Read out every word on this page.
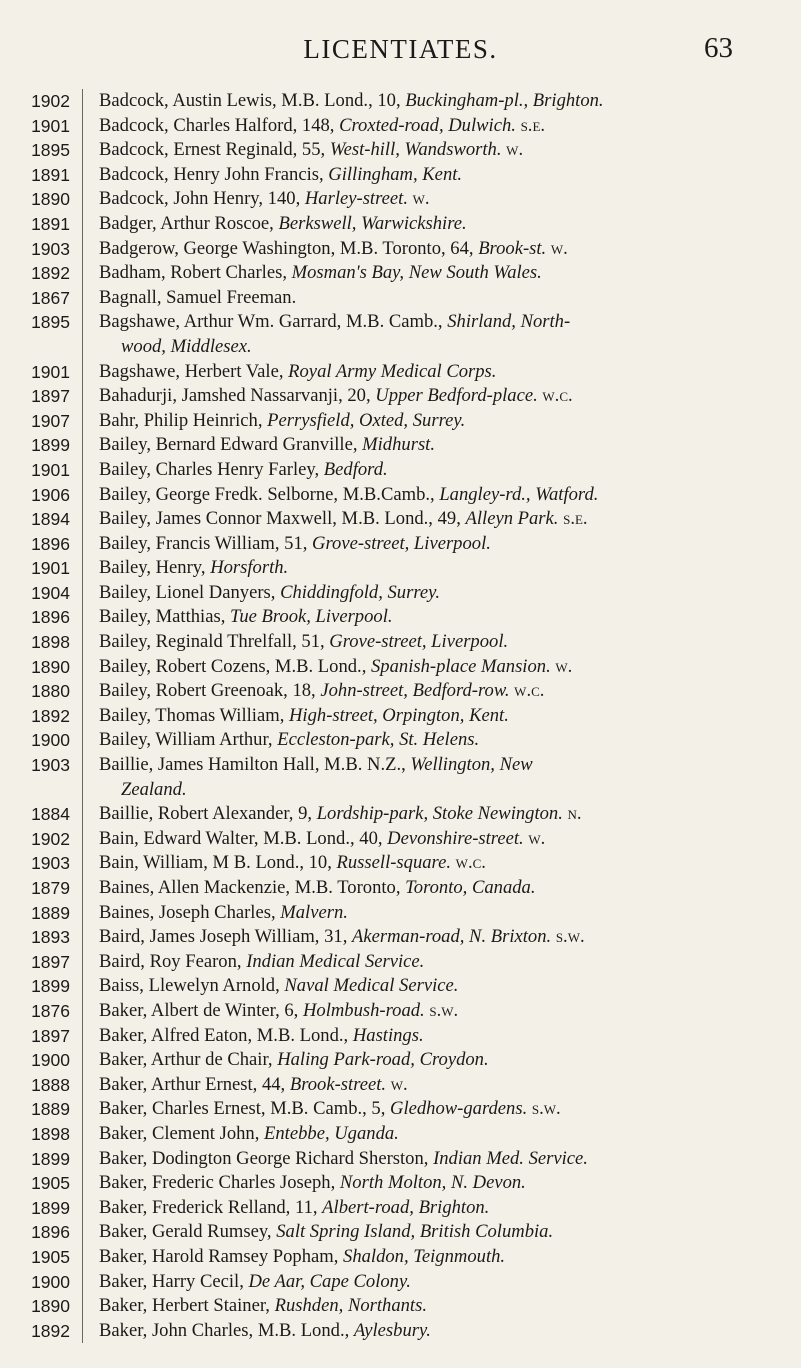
LICENTIATES.	63
1902 Badcock, Austin Lewis, M.B. Lond., 10, Buckingham-pl., Brighton.
1901 Badcock, Charles Halford, 148, Croxted-road, Dulwich. s.e.
1895 Badcock, Ernest Reginald, 55, West-hill, Wandsworth. w.
1891 Badcock, Henry John Francis, Gillingham, Kent.
1890 Badcock, John Henry, 140, Harley-street. w.
1891 Badger, Arthur Roscoe, Berkswell, Warwickshire.
1903 Badgerow, George Washington, M.B. Toronto, 64, Brook-st. w.
1892 Badham, Robert Charles, Mosman's Bay, New South Wales.
1867 Bagnall, Samuel Freeman.
1895 Bagshawe, Arthur Wm. Garrard, M.B. Camb., Shirland, North-
wood, Middlesex.
1901 Bagshawe, Herbert Vale, Royal Army Medical Corps.
1897 Bahadurji, Jamshed Nassarvanji, 20, Upper Bedford-place. w.c.
1907 Bahr, Philip Heinrich, Perrysfield, Oxted, Surrey.
1899 Bailey, Bernard Edward Granville, Midhurst.
1901 Bailey, Charles Henry Farley, Bedford.
1906 Bailey, George Fredk. Selborne, M.B.Camb., Langley-rd., Watford.
1894 Bailey, James Connor Maxwell, M.B. Lond., 49, Alleyn Park. s.e.
1896 Bailey, Francis William, 51, Grove-street, Liverpool.
1901 Bailey, Henry, Horsforth.
1904 Bailey, Lionel Danyers, Chiddingfold, Surrey.
1896 Bailey, Matthias, Tue Brook, Liverpool.
1898 Bailey, Reginald Threlfall, 51, Grove-street, Liverpool.
1890 Bailey, Robert Cozens, M.B. Lond., Spanish-place Mansion. w.
1880 Bailey, Robert Greenoak, 18, John-street, Bedford-row. w.c.
1892 Bailey, Thomas William, High-street, Orpington, Kent.
1900 Bailey, William Arthur, Eccleston-park, St. Helens.
1903 Baillie, James Hamilton Hall, M.B. N.Z., Wellington, New
Zealand.
1884 Baillie, Robert Alexander, 9, Lordship-park, Stoke Newington. n.
1902 Bain, Edward Walter, M.B. Lond., 40, Devonshire-street. w.
1903 Bain, William, M B. Lond., 10, Russell-square. w.c.
1879 Baines, Allen Mackenzie, M.B. Toronto, Toronto, Canada.
1889 Baines, Joseph Charles, Malvern.
1893 Baird, James Joseph William, 31, Akerman-road, N. Brixton. s.w.
1897 Baird, Roy Fearon, Indian Medical Service.
1899 Baiss, Llewelyn Arnold, Naval Medical Service.
1876 Baker, Albert de Winter, 6, Holmbush-road. s.w.
1897 Baker, Alfred Eaton, M.B. Lond., Hastings.
1900 Baker, Arthur de Chair, Haling Park-road, Croydon.
1888 Baker, Arthur Ernest, 44, Brook-street. w.
1889 Baker, Charles Ernest, M.B. Camb., 5, Gledhow-gardens. s.w.
1898 Baker, Clement John, Entebbe, Uganda.
1899 Baker, Dodington George Richard Sherston, Indian Med. Service.
1905 Baker, Frederic Charles Joseph, North Molton, N. Devon.
1899 Baker, Frederick Relland, 11, Albert-road, Brighton.
1896 Baker, Gerald Rumsey, Salt Spring Island, British Columbia.
1905 Baker, Harold Ramsey Popham, Shaldon, Teignmouth.
1900 Baker, Harry Cecil, De Aar, Cape Colony.
1890 Baker, Herbert Stainer, Rushden, Northants.
1892 Baker, John Charles, M.B. Lond., Aylesbury.
